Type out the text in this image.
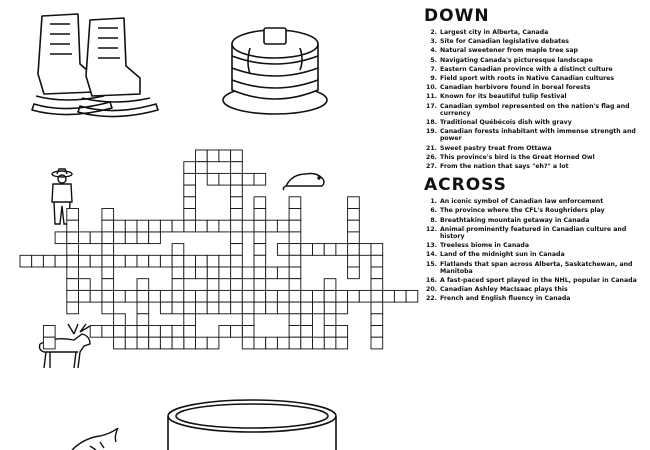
DOWN
2. Largest city in Alberta, Canada
3. Site for Canadian legislative debates
4. Natural sweetener from maple tree sap
5. Navigating Canada's picturesque landscape
7. Eastern Canadian province with a distinct culture
9. Field sport with roots in Native Canadian cultures
10. Canadian herbivore found in boreal forests
11. Known for its beautiful tulip festival
17. Canadian symbol represented on the nation's flag and currency
18. Traditional Québécois dish with gravy
19. Canadian forests inhabitant with immense strength and power
21. Sweet pastry treat from Ottawa
26. This province's bird is the Great Horned Owl
27. From the nation that says "eh?" a lot
ACROSS
1. An iconic symbol of Canadian law enforcement
6. The province where the CFL's Roughriders play
8. Breathtaking mountain getaway in Canada
12. Animal prominently featured in Canadian culture and history
13. Treeless biome in Canada
14. Land of the midnight sun in Canada
15. Flatlands that span across Alberta, Saskatchewan, and Manitoba
16. A fast-paced sport played in the NHL, popular in Canada
20. Canadian Ashley MacIsaac plays this
22. French and English fluency in Canada
